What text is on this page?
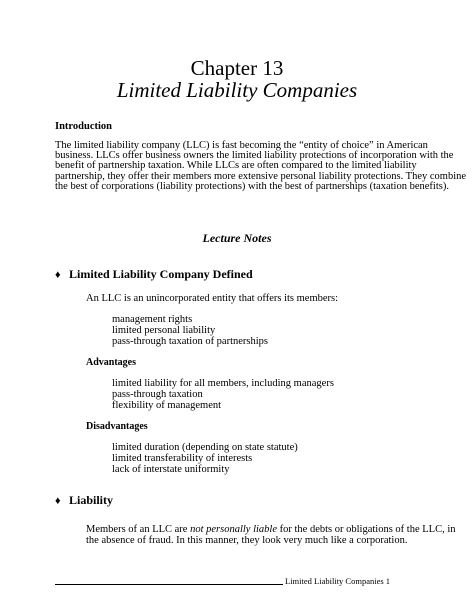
Chapter 13
Limited Liability Companies
Introduction
The limited liability company (LLC) is fast becoming the “entity of choice” in American
business. LLCs offer business owners the limited liability protections of incorporation with the
benefit of partnership taxation. While LLCs are often compared to the limited liability
partnership, they offer their members more extensive personal liability protections. They combine
the best of corporations (liability protections) with the best of partnerships (taxation benefits).
Lecture Notes
♦ Limited Liability Company Defined
An LLC is an unincorporated entity that offers its members:
management rights
limited personal liability
pass-through taxation of partnerships
Advantages
limited liability for all members, including managers
pass-through taxation
flexibility of management
Disadvantages
limited duration (depending on state statute)
limited transferability of interests
lack of interstate uniformity
♦ Liability
Members of an LLC are not personally liable for the debts or obligations of the LLC, in
the absence of fraud. In this manner, they look very much like a corporation.
Limited Liability Companies 1
